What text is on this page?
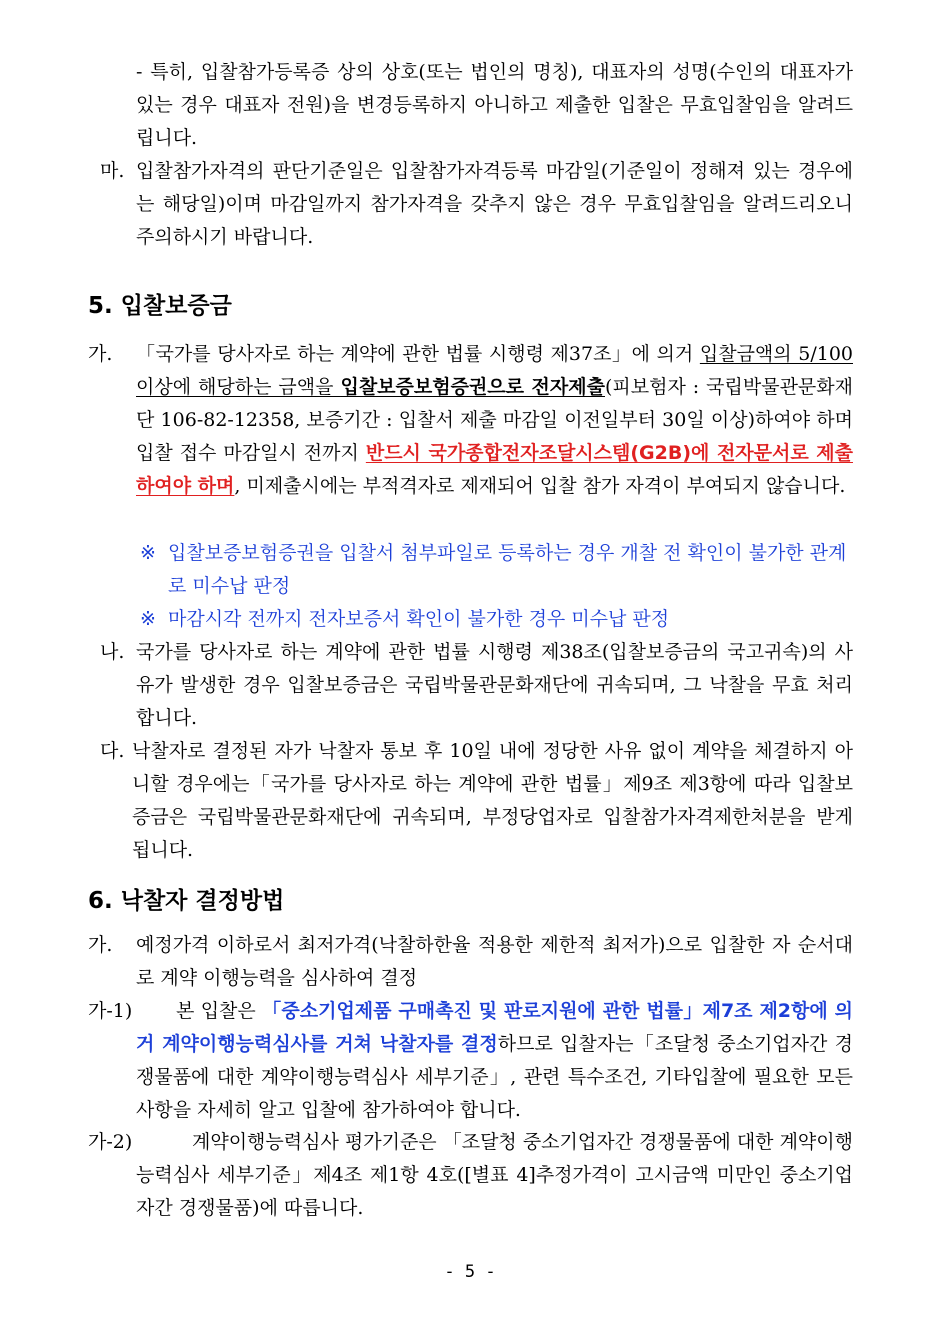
- 특히, 입찰참가등록증 상의 상호(또는 법인의 명칭), 대표자의 성명(수인의 대표자가 있는 경우 대표자 전원)을 변경등록하지 아니하고 제출한 입찰은 무효입찰임을 알려드립니다.
마. 입찰참가자격의 판단기준일은 입찰참가자격등록 마감일(기준일이 정해져 있는 경우에는 해당일)이며 마감일까지 참가자격을 갖추지 않은 경우 무효입찰임을 알려드리오니 주의하시기 바랍니다.
5. 입찰보증금
가. 「국가를 당사자로 하는 계약에 관한 법률 시행령 제37조」에 의거 입찰금액의 5/100이상에 해당하는 금액을 입찰보증보험증권으로 전자제출(피보험자 : 국립박물관문화재단 106-82-12358, 보증기간 : 입찰서 제출 마감일 이전일부터 30일 이상)하여야 하며 입찰 접수 마감일시 전까지 반드시 국가종합전자조달시스템(G2B)에 전자문서로 제출하여야 하며, 미제출시에는 부적격자로 제재되어 입찰 참가 자격이 부여되지 않습니다.
※ 입찰보증보험증권을 입찰서 첨부파일로 등록하는 경우 개찰 전 확인이 불가한 관계로 미수납 판정
※ 마감시각 전까지 전자보증서 확인이 불가한 경우 미수납 판정
나. 국가를 당사자로 하는 계약에 관한 법률 시행령 제38조(입찰보증금의 국고귀속)의 사유가 발생한 경우 입찰보증금은 국립박물관문화재단에 귀속되며, 그 낙찰을 무효 처리합니다.
다. 낙찰자로 결정된 자가 낙찰자 통보 후 10일 내에 정당한 사유 없이 계약을 체결하지 아니할 경우에는「국가를 당사자로 하는 계약에 관한 법률」제9조 제3항에 따라 입찰보증금은 국립박물관문화재단에 귀속되며, 부정당업자로 입찰참가자격제한처분을 받게 됩니다.
6. 낙찰자 결정방법
가. 예정가격 이하로서 최저가격(낙찰하한율 적용한 제한적 최저가)으로 입찰한 자 순서대로 계약 이행능력을 심사하여 결정
가-1) 본 입찰은 「중소기업제품 구매촉진 및 판로지원에 관한 법률」제7조 제2항에 의거 계약이행능력심사를 거쳐 낙찰자를 결정하므로 입찰자는「조달청 중소기업자간 경쟁물품에 대한 계약이행능력심사 세부기준」, 관련 특수조건, 기타입찰에 필요한 모든 사항을 자세히 알고 입찰에 참가하여야 합니다.
가-2)	계약이행능력심사 평가기준은 「조달청 중소기업자간 경쟁물품에 대한 계약이행능력심사 세부기준」제4조 제1항 4호([별표 4]추정가격이 고시금액 미만인 중소기업자간 경쟁물품)에 따릅니다.
- 5 -
